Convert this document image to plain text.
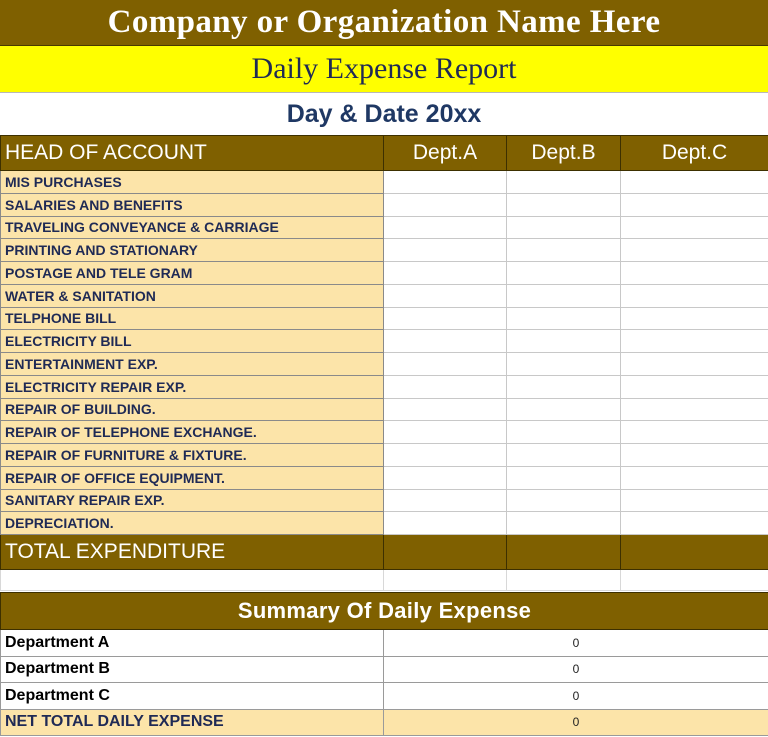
Company or Organization Name Here
Daily Expense Report
Day & Date 20xx
HEAD OF ACCOUNT	Dept.A	Dept.B	Dept.C
MIS PURCHASES			
SALARIES AND BENEFITS			
TRAVELING CONVEYANCE & CARRIAGE			
PRINTING AND STATIONARY			
POSTAGE AND TELE GRAM			
WATER & SANITATION			
TELPHONE BILL			
ELECTRICITY BILL			
ENTERTAINMENT EXP.			
ELECTRICITY REPAIR EXP.			
REPAIR OF BUILDING.			
REPAIR OF TELEPHONE EXCHANGE.			
REPAIR OF FURNITURE & FIXTURE.			
REPAIR OF OFFICE EQUIPMENT.			
SANITARY REPAIR EXP.			
DEPRECIATION.			
TOTAL EXPENDITURE			

Summary Of Daily Expense	
Department A	0
Department B	0
Department C	0
NET TOTAL DAILY EXPENSE	0
